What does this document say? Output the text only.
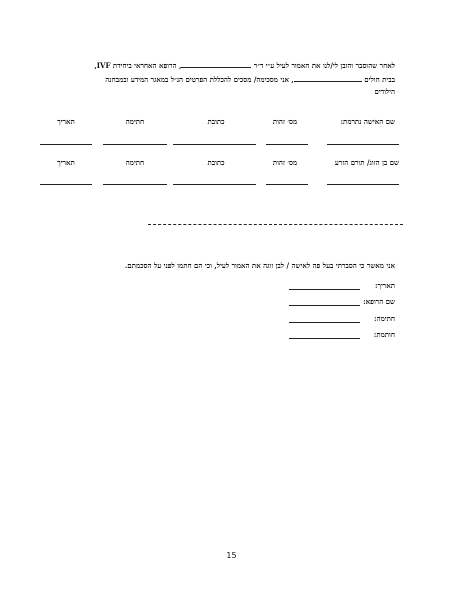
לאחר שהוסבר והובן לי/לנו את האמור לעיל ע״י ד״ר , הרופא האחראי ביחידת IVF,
בבית חולים , אני מסכימה/ מסכים להכללת הפרטים הנ״ל במאגר המידע ובמבחנה
הילודים
שם האישה נתרמת:
מס׳ זהות
כתובת
חתימה
תאריך
שם בן הזוג/ תורם הזרע
מס׳ זהות
כתובת
חתימה
תאריך
אני מאשר כי הסברתי בעל פה לאישה / לבן זוגה את האמור לעיל, וכי הם חתמו לפני על הסכמתם.
תאריך:
שם הרופא:
חתימה:
חותמת:
15
